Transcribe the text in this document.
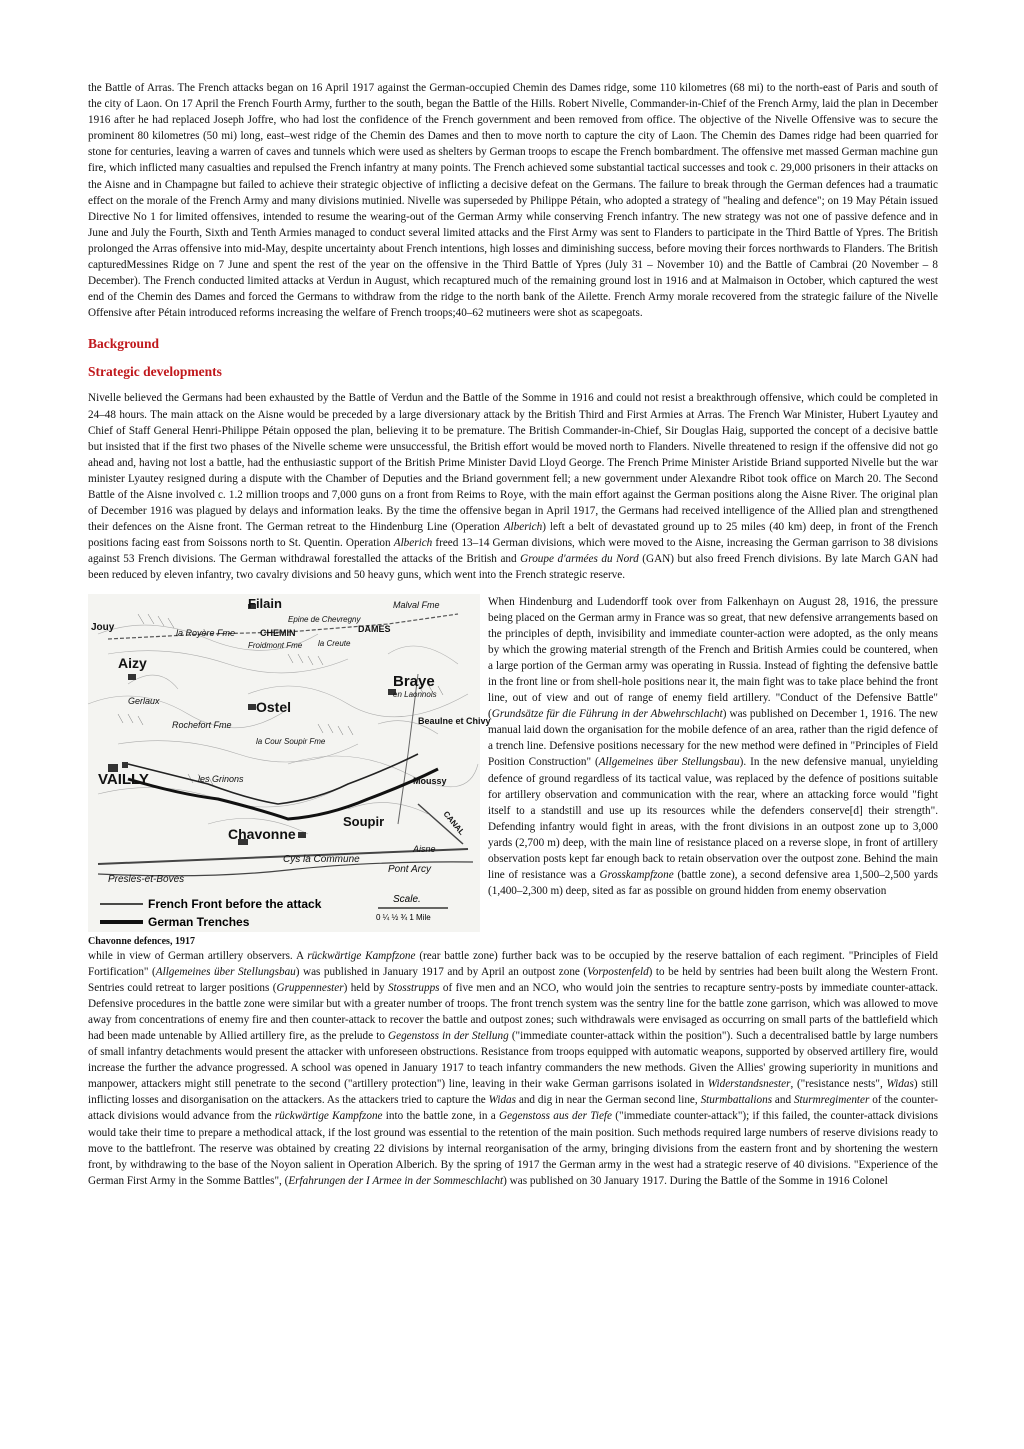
the Battle of Arras. The French attacks began on 16 April 1917 against the German-occupied Chemin des Dames ridge, some 110 kilometres (68 mi) to the north-east of Paris and south of the city of Laon. On 17 April the French Fourth Army, further to the south, began the Battle of the Hills. Robert Nivelle, Commander-in-Chief of the French Army, laid the plan in December 1916 after he had replaced Joseph Joffre, who had lost the confidence of the French government and been removed from office. The objective of the Nivelle Offensive was to secure the prominent 80 kilometres (50 mi) long, east–west ridge of the Chemin des Dames and then to move north to capture the city of Laon. The Chemin des Dames ridge had been quarried for stone for centuries, leaving a warren of caves and tunnels which were used as shelters by German troops to escape the French bombardment. The offensive met massed German machine gun fire, which inflicted many casualties and repulsed the French infantry at many points. The French achieved some substantial tactical successes and took c. 29,000 prisoners in their attacks on the Aisne and in Champagne but failed to achieve their strategic objective of inflicting a decisive defeat on the Germans. The failure to break through the German defences had a traumatic effect on the morale of the French Army and many divisions mutinied. Nivelle was superseded by Philippe Pétain, who adopted a strategy of "healing and defence"; on 19 May Pétain issued Directive No 1 for limited offensives, intended to resume the wearing-out of the German Army while conserving French infantry. The new strategy was not one of passive defence and in June and July the Fourth, Sixth and Tenth Armies managed to conduct several limited attacks and the First Army was sent to Flanders to participate in the Third Battle of Ypres. The British prolonged the Arras offensive into mid-May, despite uncertainty about French intentions, high losses and diminishing success, before moving their forces northwards to Flanders. The British capturedMessines Ridge on 7 June and spent the rest of the year on the offensive in the Third Battle of Ypres (July 31 – November 10) and the Battle of Cambrai (20 November – 8 December). The French conducted limited attacks at Verdun in August, which recaptured much of the remaining ground lost in 1916 and at Malmaison in October, which captured the west end of the Chemin des Dames and forced the Germans to withdraw from the ridge to the north bank of the Ailette. French Army morale recovered from the strategic failure of the Nivelle Offensive after Pétain introduced reforms increasing the welfare of French troops;40–62 mutineers were shot as scapegoats.

Background
Strategic developments

Nivelle believed the Germans had been exhausted by the Battle of Verdun and the Battle of the Somme in 1916 and could not resist a breakthrough offensive, which could be completed in 24–48 hours. The main attack on the Aisne would be preceded by a large diversionary attack by the British Third and First Armies at Arras. The French War Minister, Hubert Lyautey and Chief of Staff General Henri-Philippe Pétain opposed the plan, believing it to be premature. The British Commander-in-Chief, Sir Douglas Haig, supported the concept of a decisive battle but insisted that if the first two phases of the Nivelle scheme were unsuccessful, the British effort would be moved north to Flanders. Nivelle threatened to resign if the offensive did not go ahead and, having not lost a battle, had the enthusiastic support of the British Prime Minister David Lloyd George. The French Prime Minister Aristide Briand supported Nivelle but the war minister Lyautey resigned during a dispute with the Chamber of Deputies and the Briand government fell; a new government under Alexandre Ribot took office on March 20. The Second Battle of the Aisne involved c. 1.2 million troops and 7,000 guns on a front from Reims to Roye, with the main effort against the German positions along the Aisne River. The original plan of December 1916 was plagued by delays and information leaks. By the time the offensive began in April 1917, the Germans had received intelligence of the Allied plan and strengthened their defences on the Aisne front. The German retreat to the Hindenburg Line (Operation Alberich) left a belt of devastated ground up to 25 miles (40 km) deep, in front of the French positions facing east from Soissons north to St. Quentin. Operation Alberich freed 13–14 German divisions, which were moved to the Aisne, increasing the German garrison to 38 divisions against 53 French divisions. The German withdrawal forestalled the attacks of the British and Groupe d'armées du Nord (GAN) but also freed French divisions. By late March GAN had been reduced by eleven infantry, two cavalry divisions and 50 heavy guns, which went into the French strategic reserve.

Filain	Malval Fme
CHEMIN	DAMES
Epine de Chevregny
Jouy	la Royère Fme
Froidmont Fme la Creute
Aizy
Braye
en Laonnois
Gerlaux	Ostel
Rochefort Fme
la Cour Soupir Fme
Beaulne et Chivy
VAILLY	les Grinons	Moussy
Chavonne
Soupir
Cys la Commune
Pont Arcy
Aisne
Presles-et-Boves
CANAL
French Front before the attack
German Trenches
Scale.
0 ¼ ½ ¾ 1 Mile
Chavonne defences, 1917

When Hindenburg and Ludendorff took over from Falkenhayn on August 28, 1916, the pressure being placed on the German army in France was so great, that new defensive arrangements based on the principles of depth, invisibility and immediate counter-action were adopted, as the only means by which the growing material strength of the French and British Armies could be countered, when a large portion of the German army was operating in Russia. Instead of fighting the defensive battle in the front line or from shell-hole positions near it, the main fight was to take place behind the front line, out of view and out of range of enemy field artillery. "Conduct of the Defensive Battle" (Grundsätze für die Führung in der Abwehrschlacht) was published on December 1, 1916. The new manual laid down the organisation for the mobile defence of an area, rather than the rigid defence of a trench line. Defensive positions necessary for the new method were defined in "Principles of Field Position Construction" (Allgemeines über Stellungsbau). In the new defensive manual, unyielding defence of ground regardless of its tactical value, was replaced by the defence of positions suitable for artillery observation and communication with the rear, where an attacking force would "fight itself to a standstill and use up its resources while the defenders conserve[d] their strength". Defending infantry would fight in areas, with the front divisions in an outpost zone up to 3,000 yards (2,700 m) deep, with the main line of resistance placed on a reverse slope, in front of artillery observation posts kept far enough back to retain observation over the outpost zone. Behind the main line of resistance was a Grosskampfzone (battle zone), a second defensive area 1,500–2,500 yards (1,400–2,300 m) deep, sited as far as possible on ground hidden from enemy observation

while in view of German artillery observers. A rückwärtige Kampfzone (rear battle zone) further back was to be occupied by the reserve battalion of each regiment. "Principles of Field Fortification" (Allgemeines über Stellungsbau) was published in January 1917 and by April an outpost zone (Vorpostenfeld) to be held by sentries had been built along the Western Front. Sentries could retreat to larger positions (Gruppennester) held by Stosstrupps of five men and an NCO, who would join the sentries to recapture sentry-posts by immediate counter-attack. Defensive procedures in the battle zone were similar but with a greater number of troops. The front trench system was the sentry line for the battle zone garrison, which was allowed to move away from concentrations of enemy fire and then counter-attack to recover the battle and outpost zones; such withdrawals were envisaged as occurring on small parts of the battlefield which had been made untenable by Allied artillery fire, as the prelude to Gegenstoss in der Stellung ("immediate counter-attack within the position"). Such a decentralised battle by large numbers of small infantry detachments would present the attacker with unforeseen obstructions. Resistance from troops equipped with automatic weapons, supported by observed artillery fire, would increase the further the advance progressed. A school was opened in January 1917 to teach infantry commanders the new methods. Given the Allies' growing superiority in munitions and manpower, attackers might still penetrate to the second ("artillery protection") line, leaving in their wake German garrisons isolated in Widerstandsnester, ("resistance nests", Widas) still inflicting losses and disorganisation on the attackers. As the attackers tried to capture the Widas and dig in near the German second line, Sturmbattalions and Sturmregimenter of the counter-attack divisions would advance from the rückwärtige Kampfzone into the battle zone, in a Gegenstoss aus der Tiefe ("immediate counter-attack"); if this failed, the counter-attack divisions would take their time to prepare a methodical attack, if the lost ground was essential to the retention of the main position. Such methods required large numbers of reserve divisions ready to move to the battlefront. The reserve was obtained by creating 22 divisions by internal reorganisation of the army, bringing divisions from the eastern front and by shortening the western front, by withdrawing to the base of the Noyon salient in Operation Alberich. By the spring of 1917 the German army in the west had a strategic reserve of 40 divisions. "Experience of the German First Army in the Somme Battles", (Erfahrungen der I Armee in der Sommeschlacht) was published on 30 January 1917. During the Battle of the Somme in 1916 Colonel
